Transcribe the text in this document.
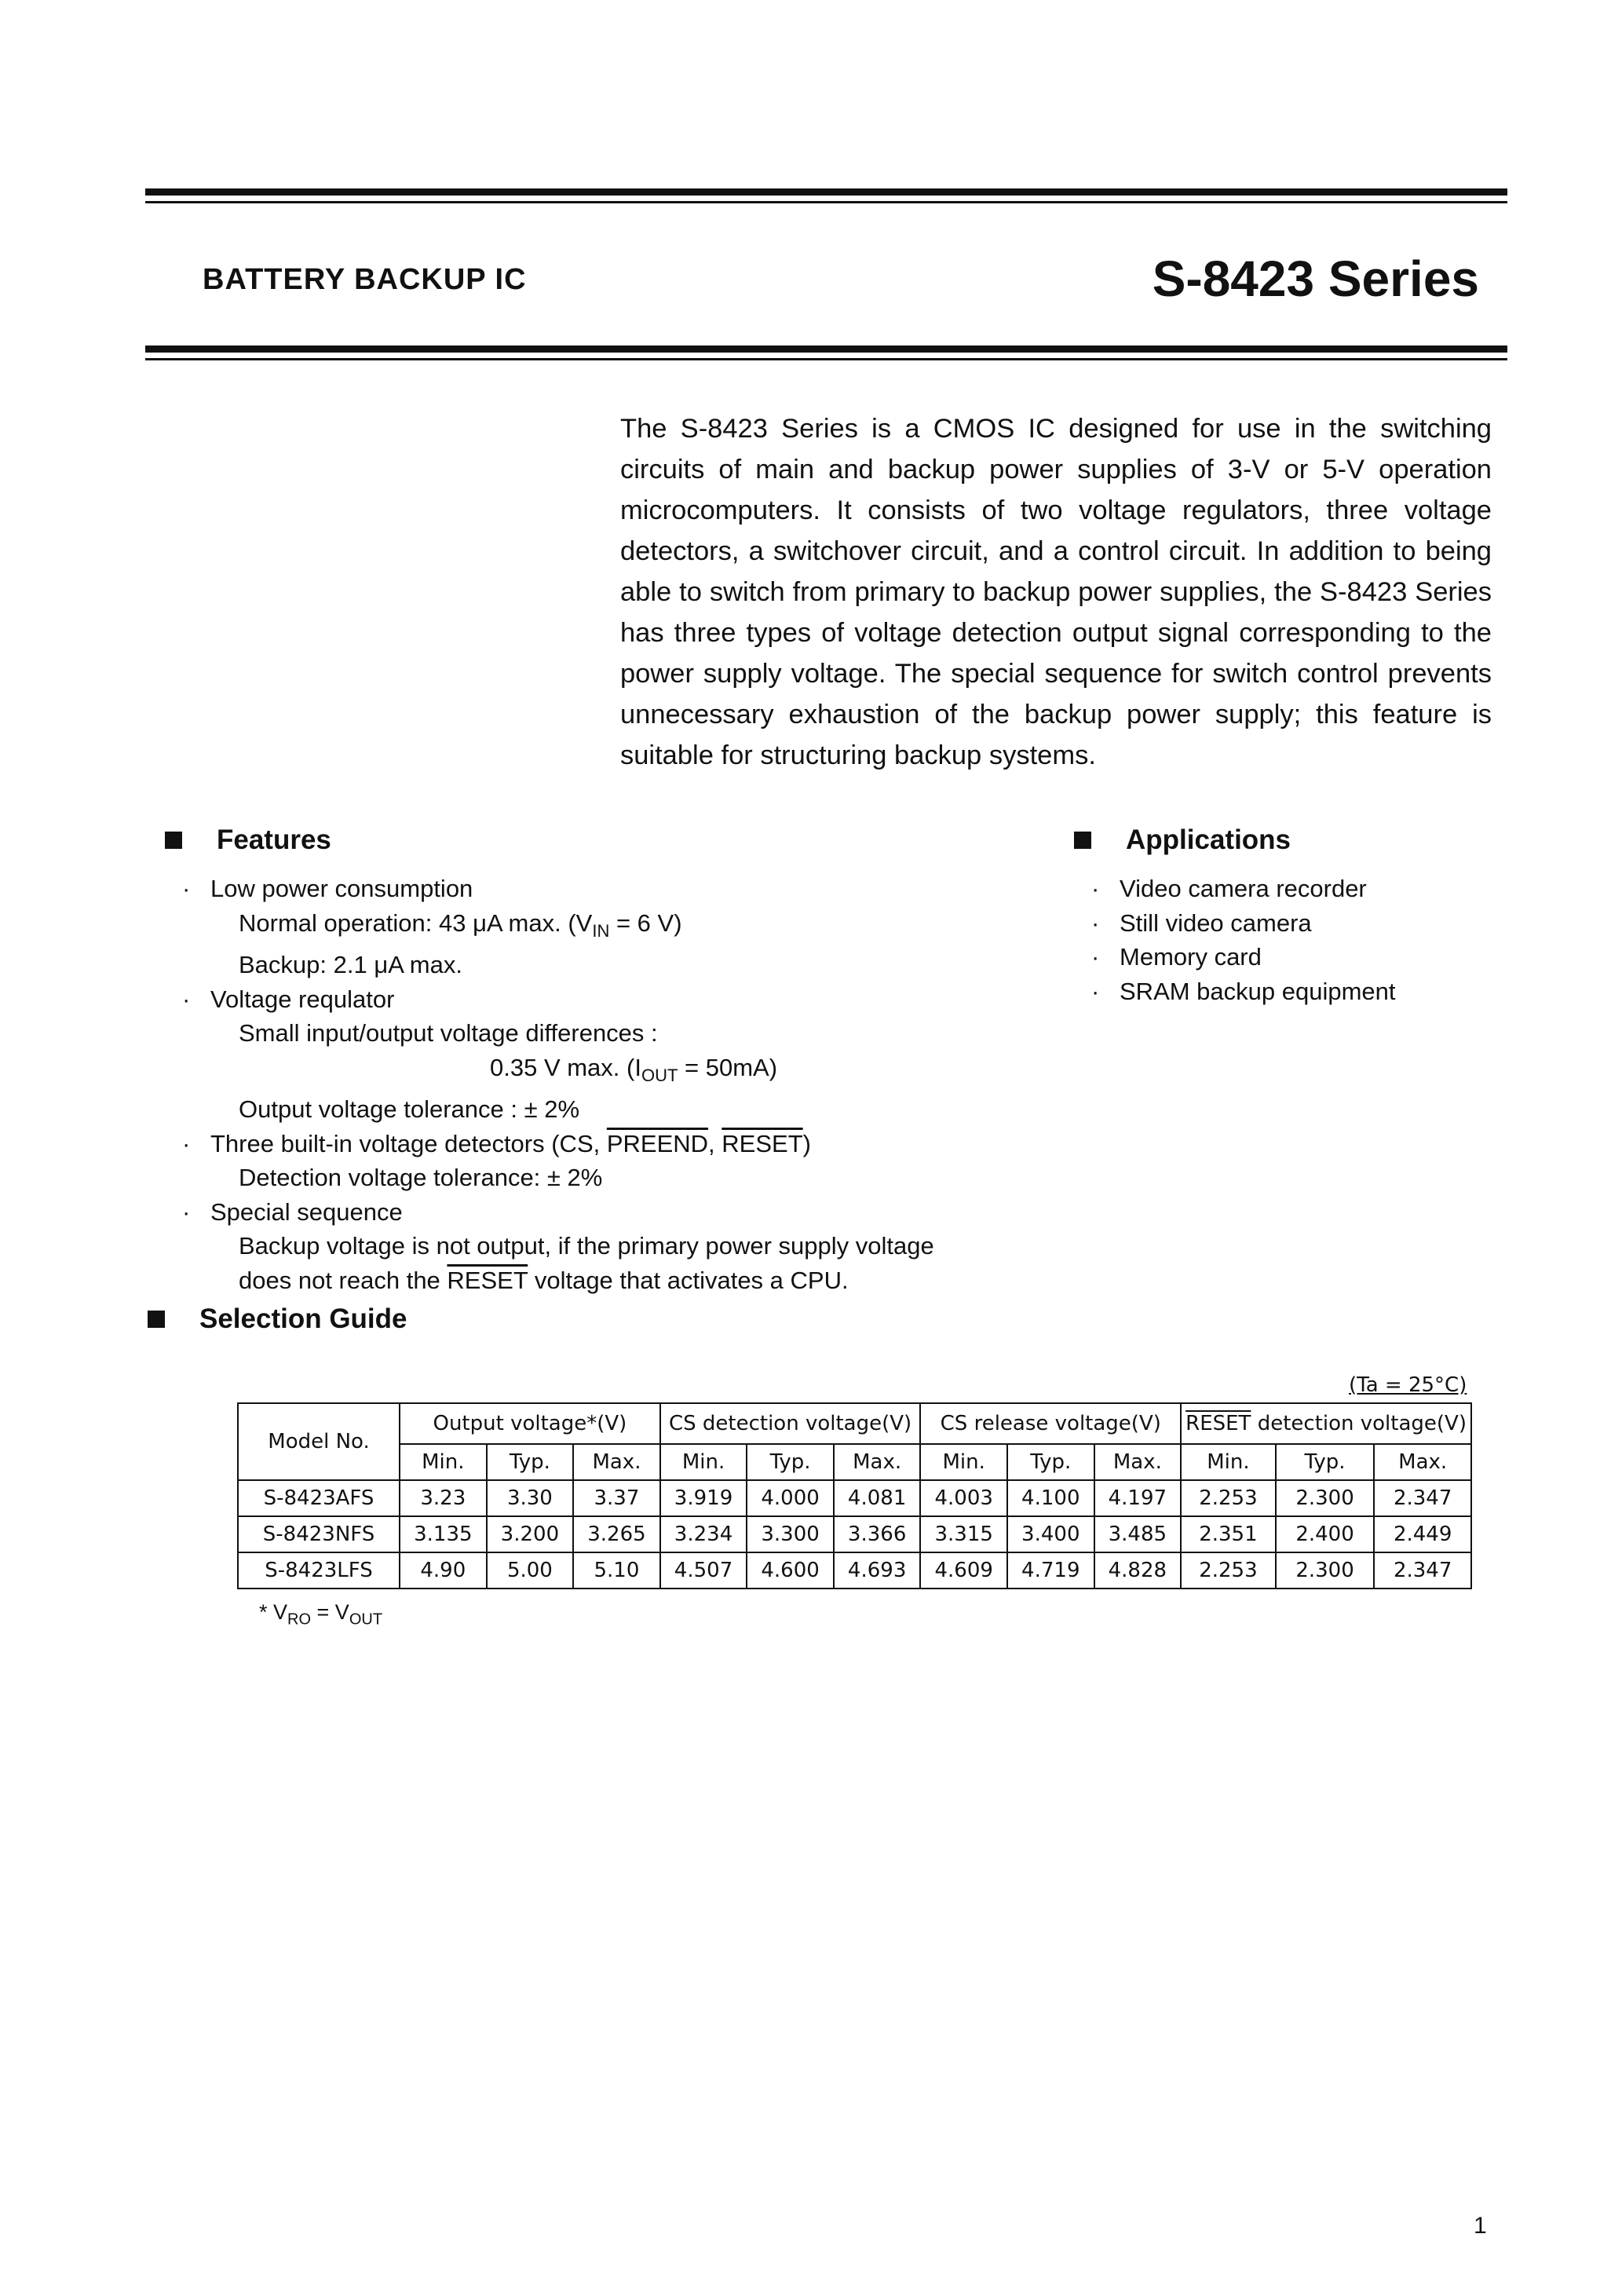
BATTERY BACKUP IC	S-8423 Series

The S-8423 Series is a CMOS IC designed for use in the switching circuits of main and backup power supplies of 3-V or 5-V operation microcomputers. It consists of two voltage regulators, three voltage detectors, a switchover circuit, and a control circuit. In addition to being able to switch from primary to backup power supplies, the S-8423 Series has three types of voltage detection output signal corresponding to the power supply voltage. The special sequence for switch control prevents unnecessary exhaustion of the backup power supply; this feature is suitable for structuring backup systems.

Features
· Low power consumption
Normal operation: 43 μA max. ($V_{IN} = 6$ V)
Backup: 2.1 μA max.
· Voltage requlator
Small input/output voltage differences :
0.35 V max. $(I_{OUT} = 50mA)$
Output voltage tolerance : ± 2%
· Three built-in voltage detectors (CS, PREEND, RESET)
Detection voltage tolerance: ± 2%
· Special sequence
Backup voltage is not output, if the primary power supply voltage
does not reach the RESET voltage that activates a CPU.
Applications
· Video camera recorder
· Still video camera
· Memory card
· SRAM backup equipment
Selection Guide
(Ta = 25°C)
Model No.	Output voltage*(V)			CS detection voltage(V)			CS release voltage(V)			RESET detection voltage(V)		
	Min.	Typ.	Max.	Min.	Typ.	Max.	Min.	Typ.	Max.	Min.	Typ.	Max.
S-8423AFS	3.23	3.30	3.37	3.919	4.000	4.081	4.003	4.100	4.197	2.253	2.300	2.347
S-8423NFS	3.135	3.200	3.265	3.234	3.300	3.366	3.315	3.400	3.485	2.351	2.400	2.449
S-8423LFS	4.90	5.00	5.10	4.507	4.600	4.693	4.609	4.719	4.828	2.253	2.300	2.347
* $V_{RO} = V_{OUT}$
1
